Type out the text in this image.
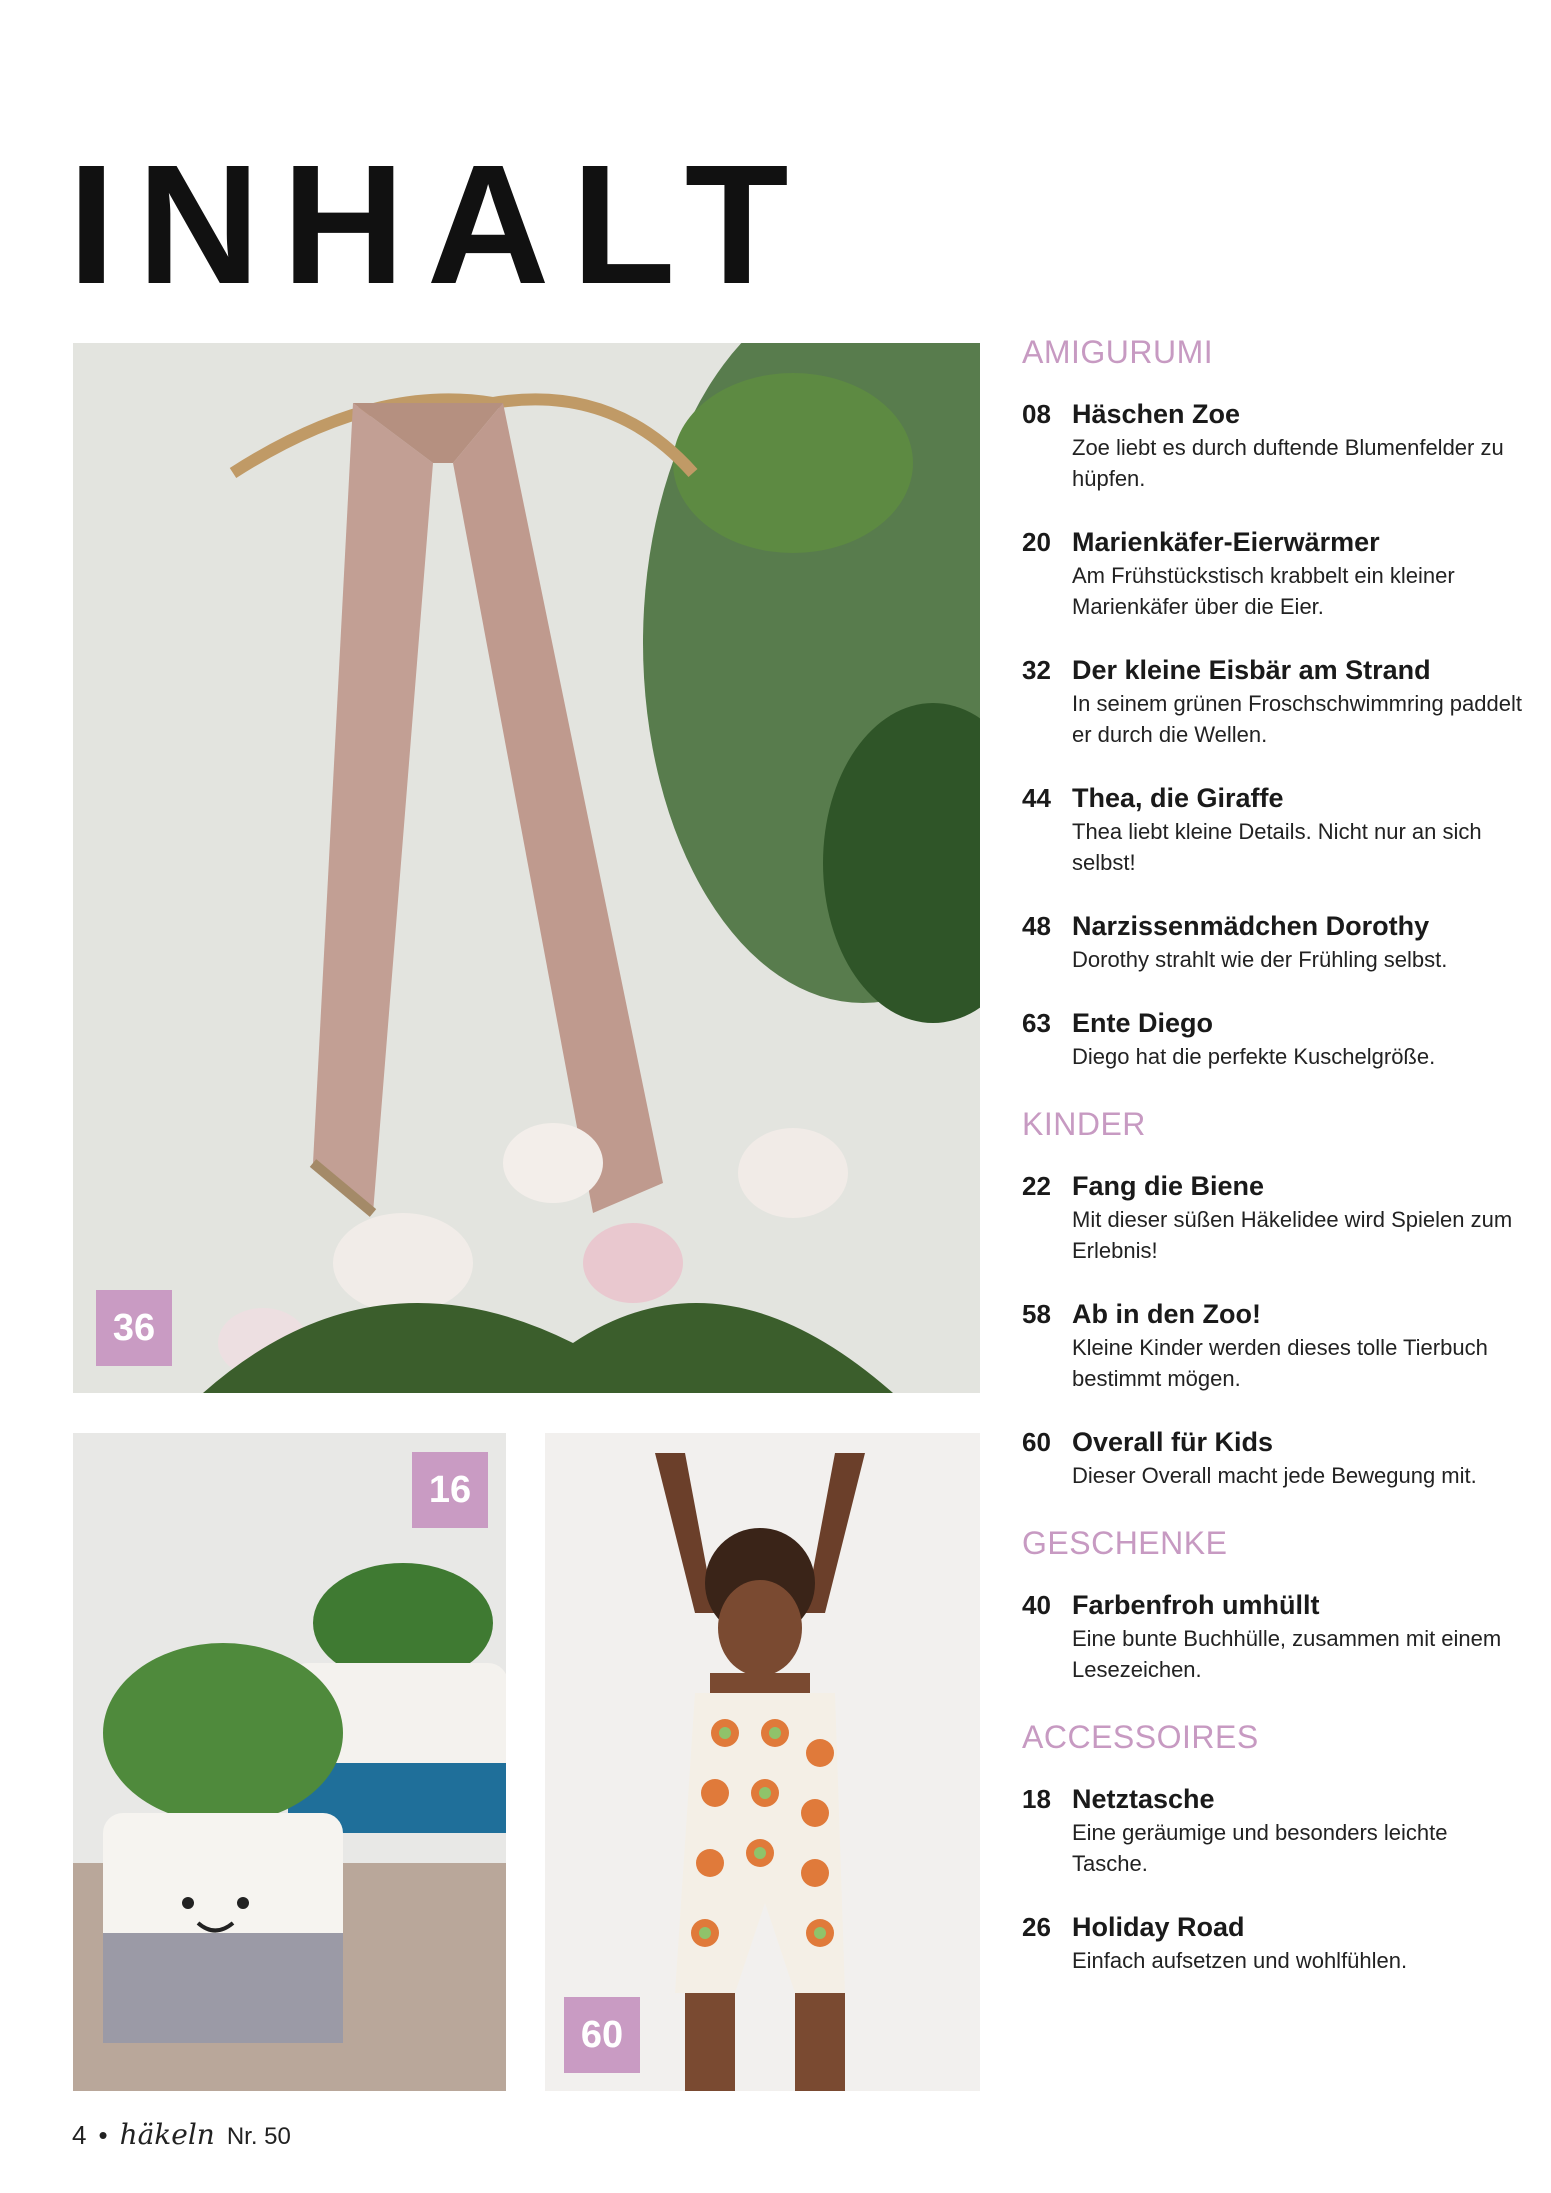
INHALT
36
16
60
AMIGURUMI
08 Häschen Zoe
Zoe liebt es durch duftende Blumenfelder zu hüpfen.
20 Marienkäfer-Eierwärmer
Am Frühstückstisch krabbelt ein kleiner Marienkäfer über die Eier.
32 Der kleine Eisbär am Strand
In seinem grünen Froschschwimmring paddelt er durch die Wellen.
44 Thea, die Giraffe
Thea liebt kleine Details. Nicht nur an sich selbst!
48 Narzissenmädchen Dorothy
Dorothy strahlt wie der Frühling selbst.
63 Ente Diego
Diego hat die perfekte Kuschelgröße.
KINDER
22 Fang die Biene
Mit dieser süßen Häkelidee wird Spielen zum Erlebnis!
58 Ab in den Zoo!
Kleine Kinder werden dieses tolle Tierbuch bestimmt mögen.
60 Overall für Kids
Dieser Overall macht jede Bewegung mit.
GESCHENKE
40 Farbenfroh umhüllt
Eine bunte Buchhülle, zusammen mit einem Lesezeichen.
ACCESSOIRES
18 Netztasche
Eine geräumige und besonders leichte Tasche.
26 Holiday Road
Einfach aufsetzen und wohlfühlen.
4 • häkeln Nr. 50
